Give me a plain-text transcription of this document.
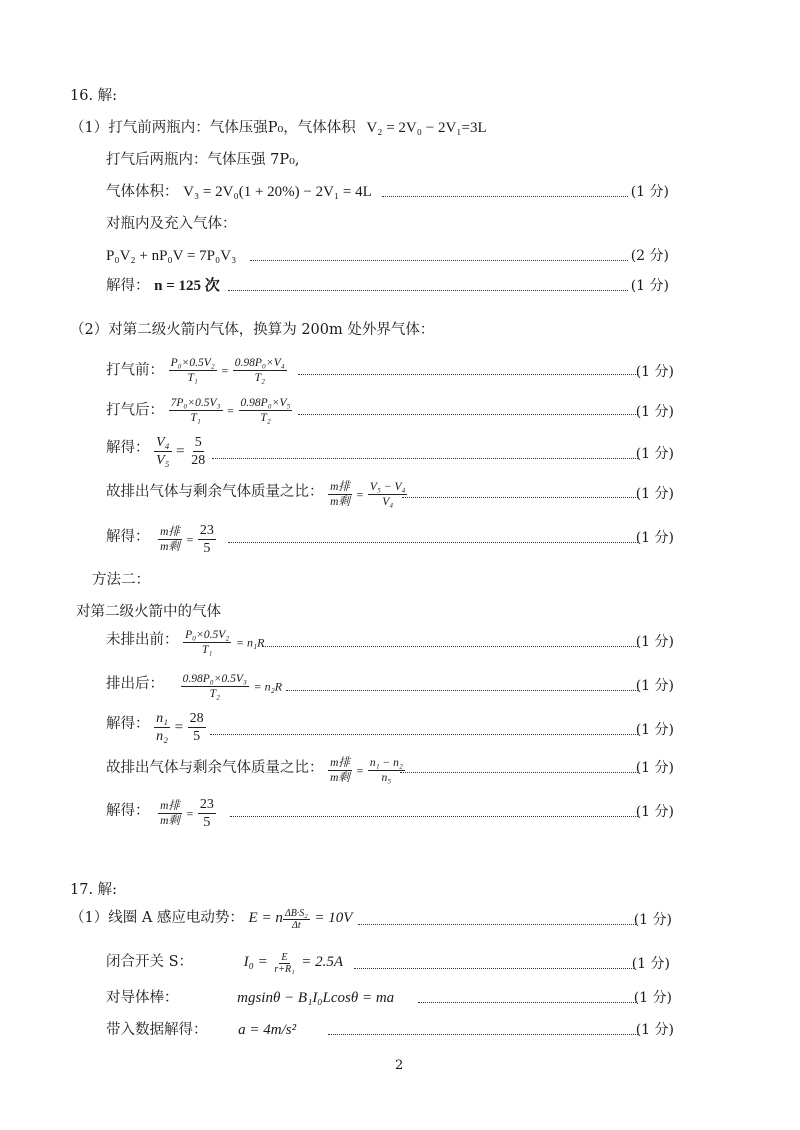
16. 解:
（1）打气前两瓶内：气体压强P₀，气体体积 V₂ = 2V₀ − 2V₁=3L
打气后两瓶内：气体压强 7P₀,
气体体积： V₃ = 2V₀(1 + 20%) − 2V₁ = 4L	(1 分)
对瓶内及充入气体：
P₀V₂ + nP₀V = 7P₀V₃	(2 分)
解得： n = 125 次	(1 分)
（2）对第二级火箭内气体，换算为 200m 处外界气体：
打气前： $\frac{\text{P₀×0.5V₂}}{\text{T₁}} = \frac{\text{0.98P₀×V₄}}{\text{T₂}}$	(1 分)
打气后： $\frac{\text{7P₀×0.5V₃}}{\text{T₁}} = \frac{\text{0.98P₀×V₅}}{\text{T₂}}$	(1 分)
解得： $\frac{\text{V₄}}{\text{V₅}} = \frac{5}{28}$	(1 分)
故排出气体与剩余气体质量之比： $\frac{\text{m排}}{\text{m剩}} = \frac{\text{V₅ − V₄}}{\text{V₄}}$	(1 分)
解得： $\frac{\text{m排}}{\text{m剩}} = \frac{23}{5}$	(1 分)
方法二：
对第二级火箭中的气体
未排出前： $\frac{\text{P₀×0.5V₂}}{\text{T₁}} = n_1R$	(1 分)
排出后： $\frac{\text{0.98P₀×0.5V₃}}{\text{T₂}} = n_2R$	(1 分)
解得： $\frac{\text{n₁}}{\text{n₂}} = \frac{28}{5}$	(1 分)
故排出气体与剩余气体质量之比： $\frac{\text{m排}}{\text{m剩}} = \frac{\text{n₁ − n₂}}{\text{n₅}}$	(1 分)
解得： $\frac{\text{m排}}{\text{m剩}} = \frac{23}{5}$	(1 分)
17. 解:
（1）线圈 A 感应电动势： E = n $\frac{\text{ΔB·S₂}}{\Delta t} = 10V$	(1 分)
闭合开关 S：	$I_0 = \frac{E}{\text{r+R₁}} = 2.5A$	(1 分)
对导体棒：	mgsinθ − B₁I₀Lcosθ = ma	(1 分)
带入数据解得： a = 4m/s²	(1 分)
2
